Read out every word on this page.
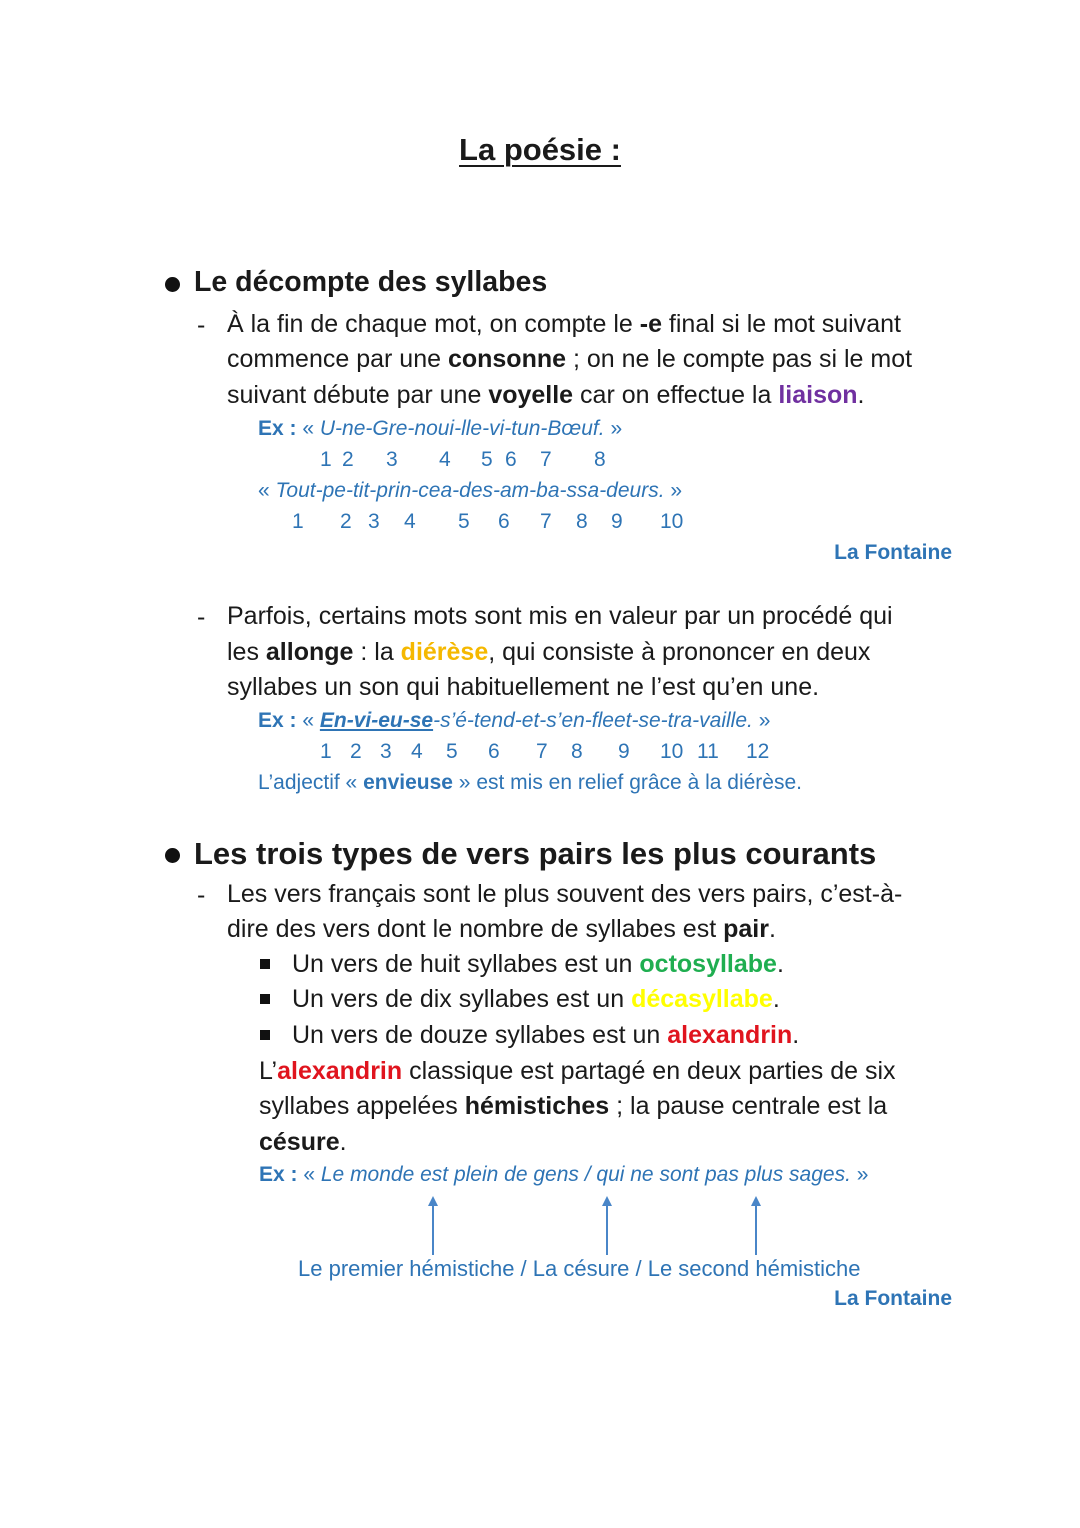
La poésie :
Le décompte des syllabes
- À la fin de chaque mot, on compte le -e final si le mot suivant
commence par une consonne ; on ne le compte pas si le mot
suivant débute par une voyelle car on effectue la liaison.
Ex : « U-ne-Gre-noui-lle-vi-tun-Bœuf. »
1 2 3 4 5 6 7 8
« Tout-pe-tit-prin-cea-des-am-ba-ssa-deurs. »
1 2 3 4 5 6 7 8 9 10
La Fontaine
- Parfois, certains mots sont mis en valeur par un procédé qui
les allonge : la diérèse, qui consiste à prononcer en deux
syllabes un son qui habituellement ne l’est qu’en une.
Ex : « En-vi-eu-se-s’é-tend-et-s’en-fleet-se-tra-vaille. »
1 2 3 4 5 6 7 8 9 10 11 12
L’adjectif « envieuse » est mis en relief grâce à la diérèse.
Les trois types de vers pairs les plus courants
- Les vers français sont le plus souvent des vers pairs, c’est-à-
dire des vers dont le nombre de syllabes est pair.
Un vers de huit syllabes est un octosyllabe.
Un vers de dix syllabes est un décasyllabe.
Un vers de douze syllabes est un alexandrin.
L’alexandrin classique est partagé en deux parties de six
syllabes appelées hémistiches ; la pause centrale est la
césure.
Ex : « Le monde est plein de gens / qui ne sont pas plus sages. »
Le premier hémistiche / La césure / Le second hémistiche
La Fontaine
